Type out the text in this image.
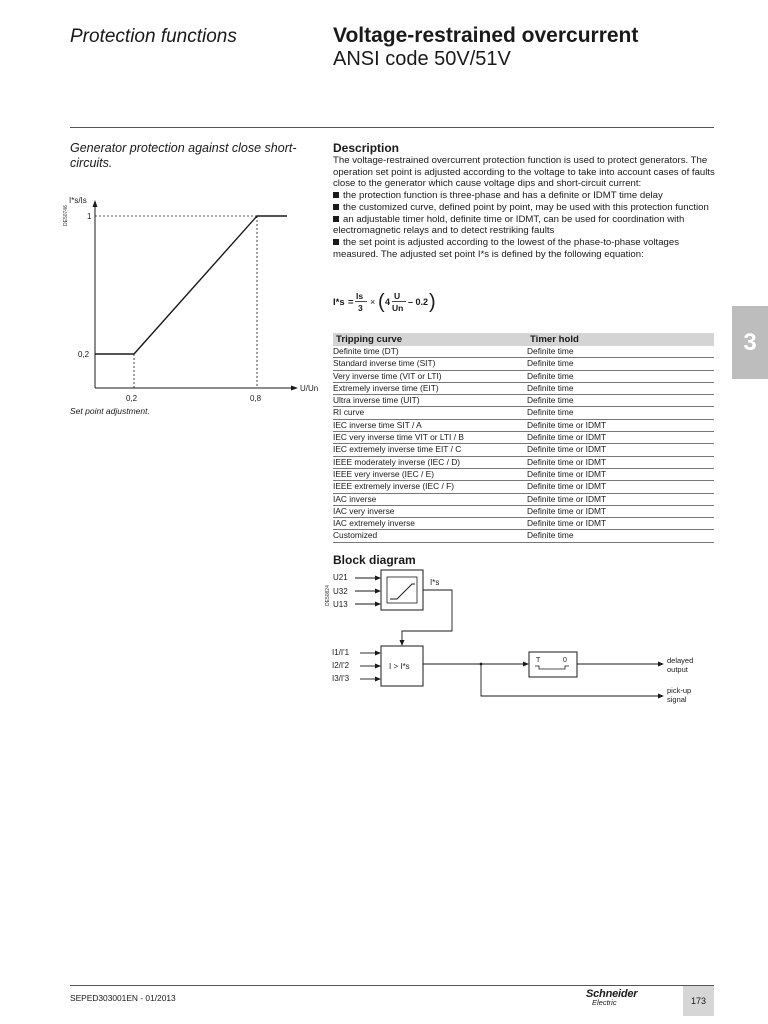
Protection functions	Voltage-restrained overcurrent
ANSI code 50V/51V
Generator protection against close short-circuits.
DE50746
I*s/Is
U/Un
1
0,2
0,2	0,8
Set point adjustment.
Description

The voltage-restrained overcurrent protection function is used to protect generators. The operation set point is adjusted according to the voltage to take into account cases of faults close to the generator which cause voltage dips and short-circuit current:

the protection function is three-phase and has a definite or IDMT time delay

the customized curve, defined point by point, may be used with this protection function

an adjustable timer hold, definite time or IDMT, can be used for coordination with electromagnetic relays and to detect restriking faults

the set point is adjusted according to the lowest of the phase-to-phase voltages measured. The adjusted set point I*s is defined by the following equation:

I*s =
Is
3
× ( 4
U
Un
– 0.2 )
3
Tripping curve	Timer hold
Definite time (DT)	Definite time
Standard inverse time (SIT)	Definite time
Very inverse time (VIT or LTI)	Definite time
Extremely inverse time (EIT)	Definite time
Ultra inverse time (UIT)	Definite time
RI curve	Definite time
IEC inverse time SIT / A	Definite time or IDMT
IEC very inverse time VIT or LTI / B	Definite time or IDMT
IEC extremely inverse time EIT / C	Definite time or IDMT
IEEE moderately inverse (IEC / D)	Definite time or IDMT
IEEE very inverse (IEC / E)	Definite time or IDMT
IEEE extremely inverse (IEC / F)	Definite time or IDMT
IAC inverse	Definite time or IDMT
IAC very inverse	Definite time or IDMT
IAC extremely inverse	Definite time or IDMT
Customized	Definite time
Block diagram
DE50824
U21
U32
U13
I*s
I1/I'1
I2/I'2
I3/I'3
I > I*s
T	0	delayed
output
pick-up
signal
SEPED303001EN - 01/2013	Schneider
Electric	173
